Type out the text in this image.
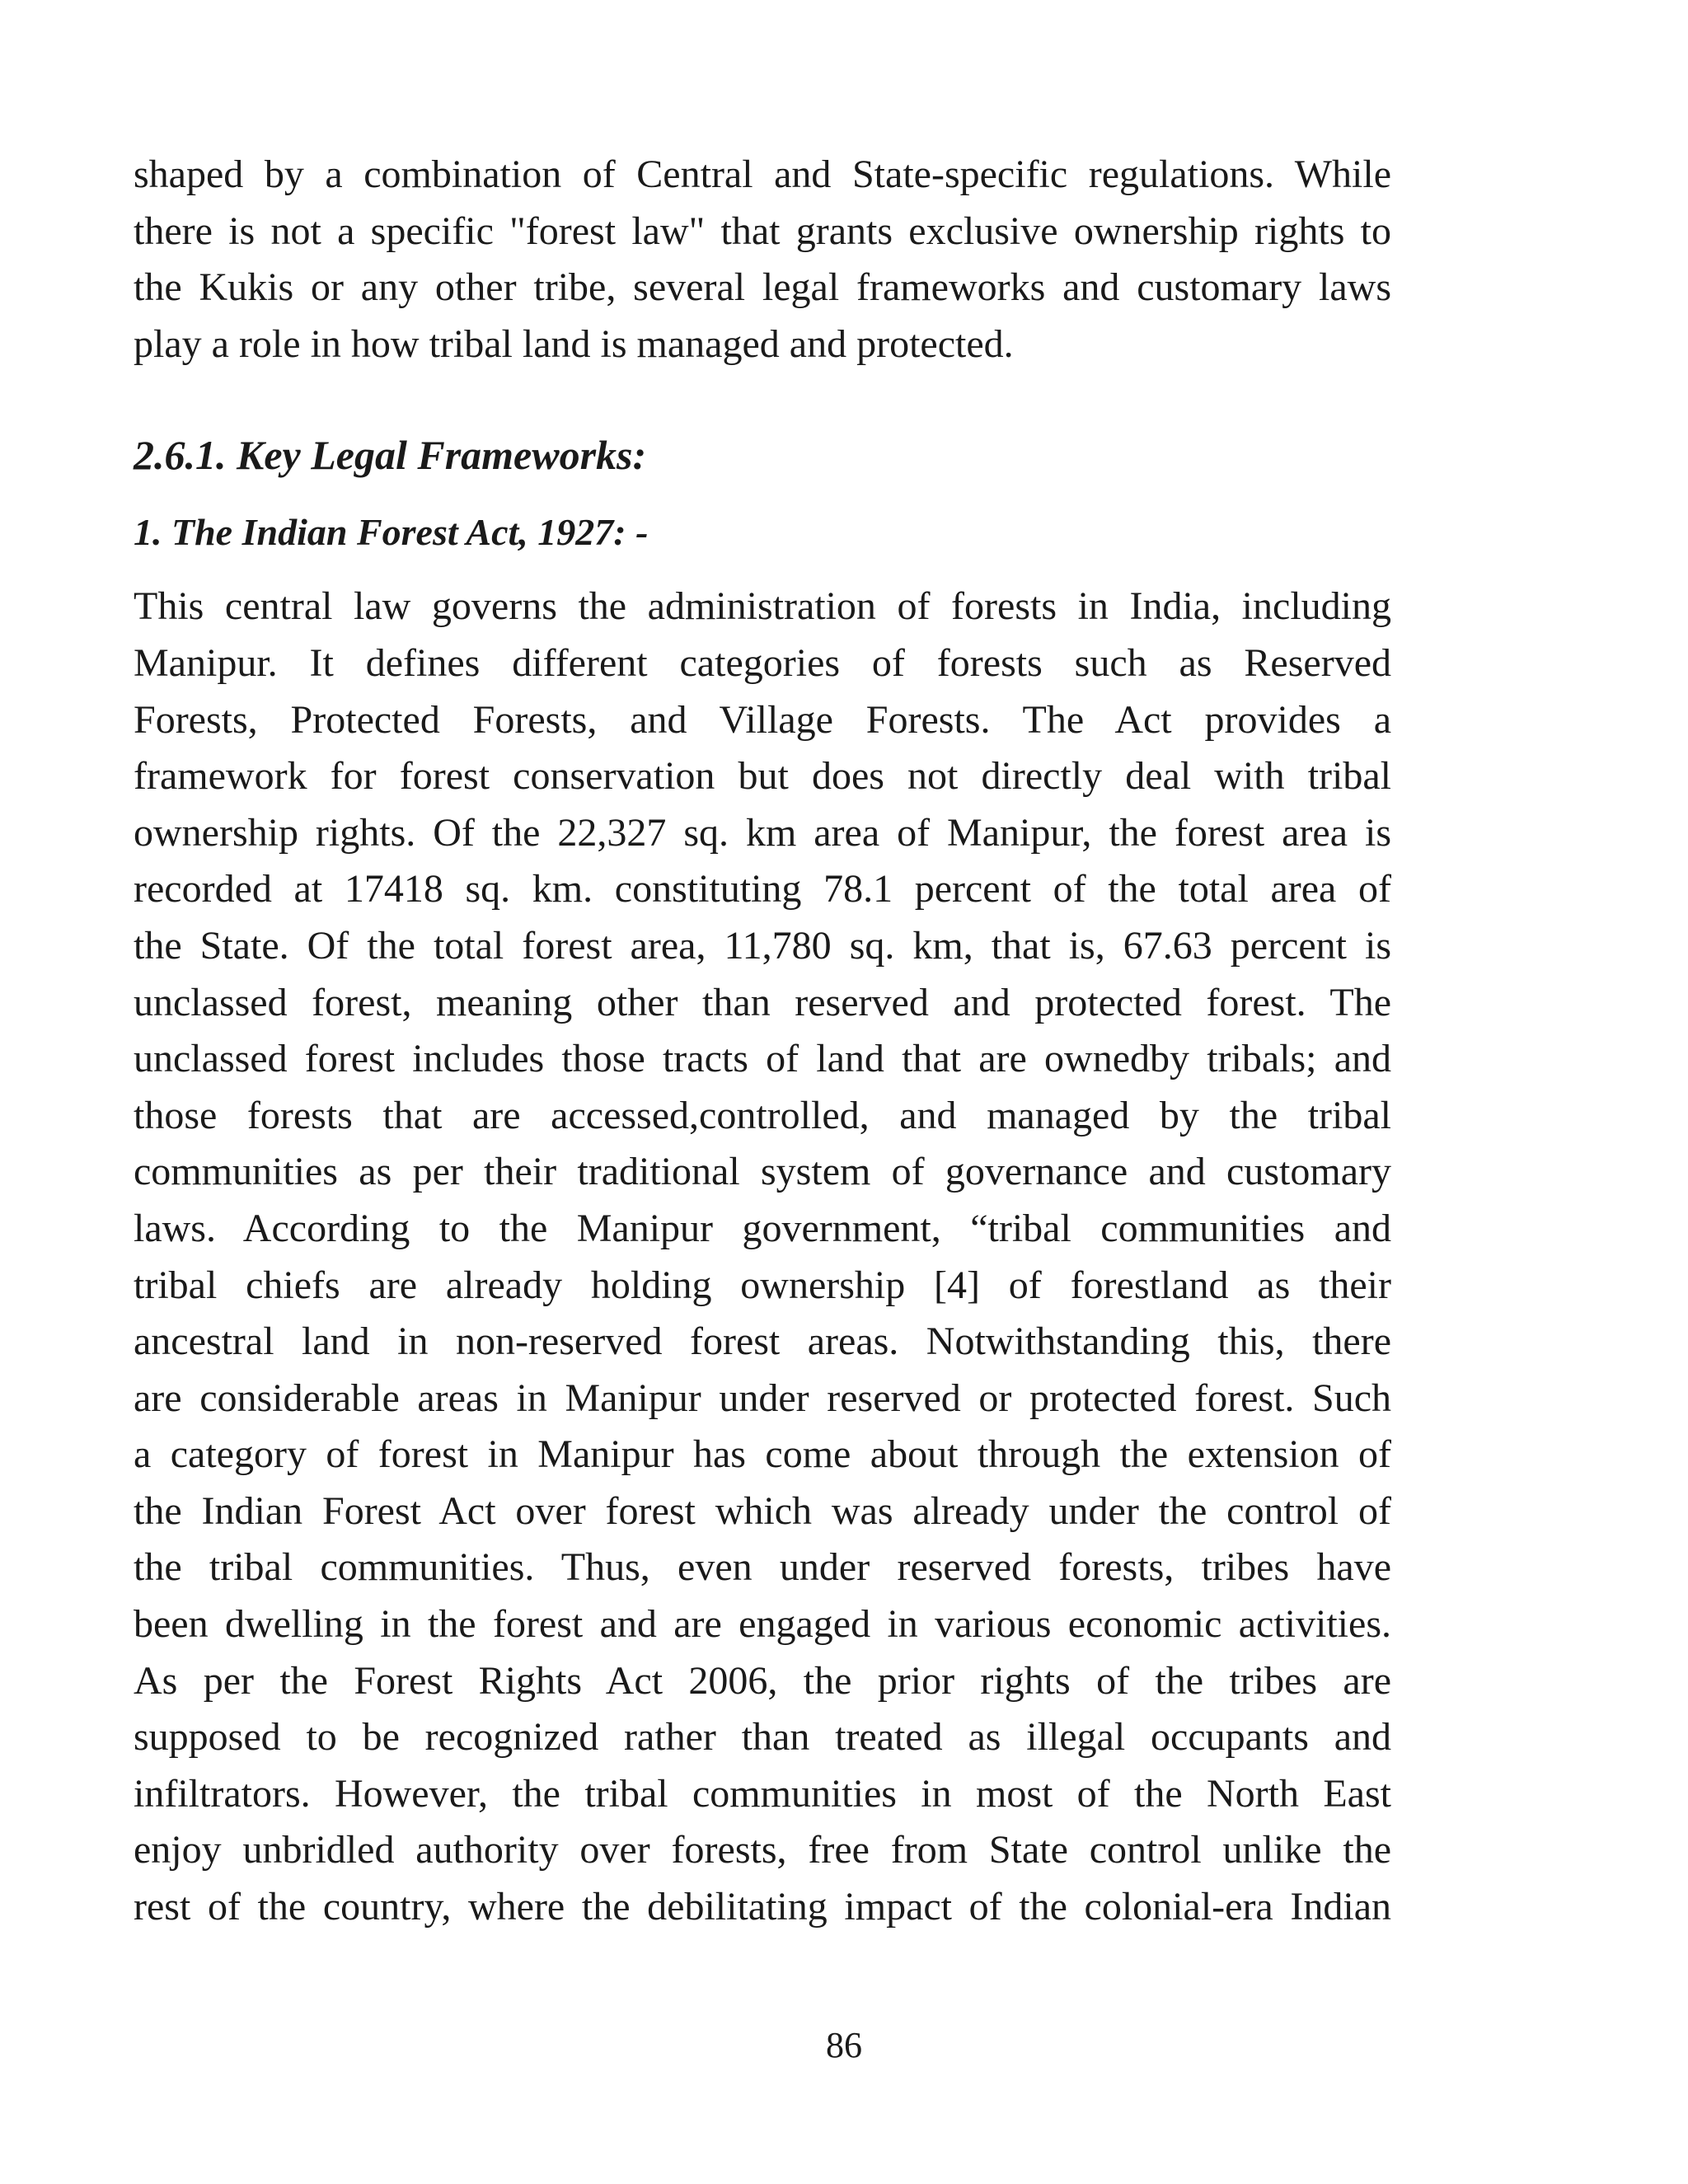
shaped by a combination of Central and State-specific regulations. While
there is not a specific "forest law" that grants exclusive ownership rights to
the Kukis or any other tribe, several legal frameworks and customary laws
play a role in how tribal land is managed and protected.
2.6.1. Key Legal Frameworks:
1. The Indian Forest Act, 1927: -
This central law governs the administration of forests in India, including
Manipur. It defines different categories of forests such as Reserved
Forests, Protected Forests, and Village Forests. The Act provides a
framework for forest conservation but does not directly deal with tribal
ownership rights. Of the 22,327 sq. km area of Manipur, the forest area is
recorded at 17418 sq. km. constituting 78.1 percent of the total area of
the State. Of the total forest area, 11,780 sq. km, that is, 67.63 percent is
unclassed forest, meaning other than reserved and protected forest. The
unclassed forest includes those tracts of land that are ownedby tribals; and
those forests that are accessed,controlled, and managed by the tribal
communities as per their traditional system of governance and customary
laws. According to the Manipur government, “tribal communities and
tribal chiefs are already holding ownership [4] of forestland as their
ancestral land in non-reserved forest areas. Notwithstanding this, there
are considerable areas in Manipur under reserved or protected forest. Such
a category of forest in Manipur has come about through the extension of
the Indian Forest Act over forest which was already under the control of
the tribal communities. Thus, even under reserved forests, tribes have
been dwelling in the forest and are engaged in various economic activities.
As per the Forest Rights Act 2006, the prior rights of the tribes are
supposed to be recognized rather than treated as illegal occupants and
infiltrators. However, the tribal communities in most of the North East
enjoy unbridled authority over forests, free from State control unlike the
rest of the country, where the debilitating impact of the colonial-era Indian
86
